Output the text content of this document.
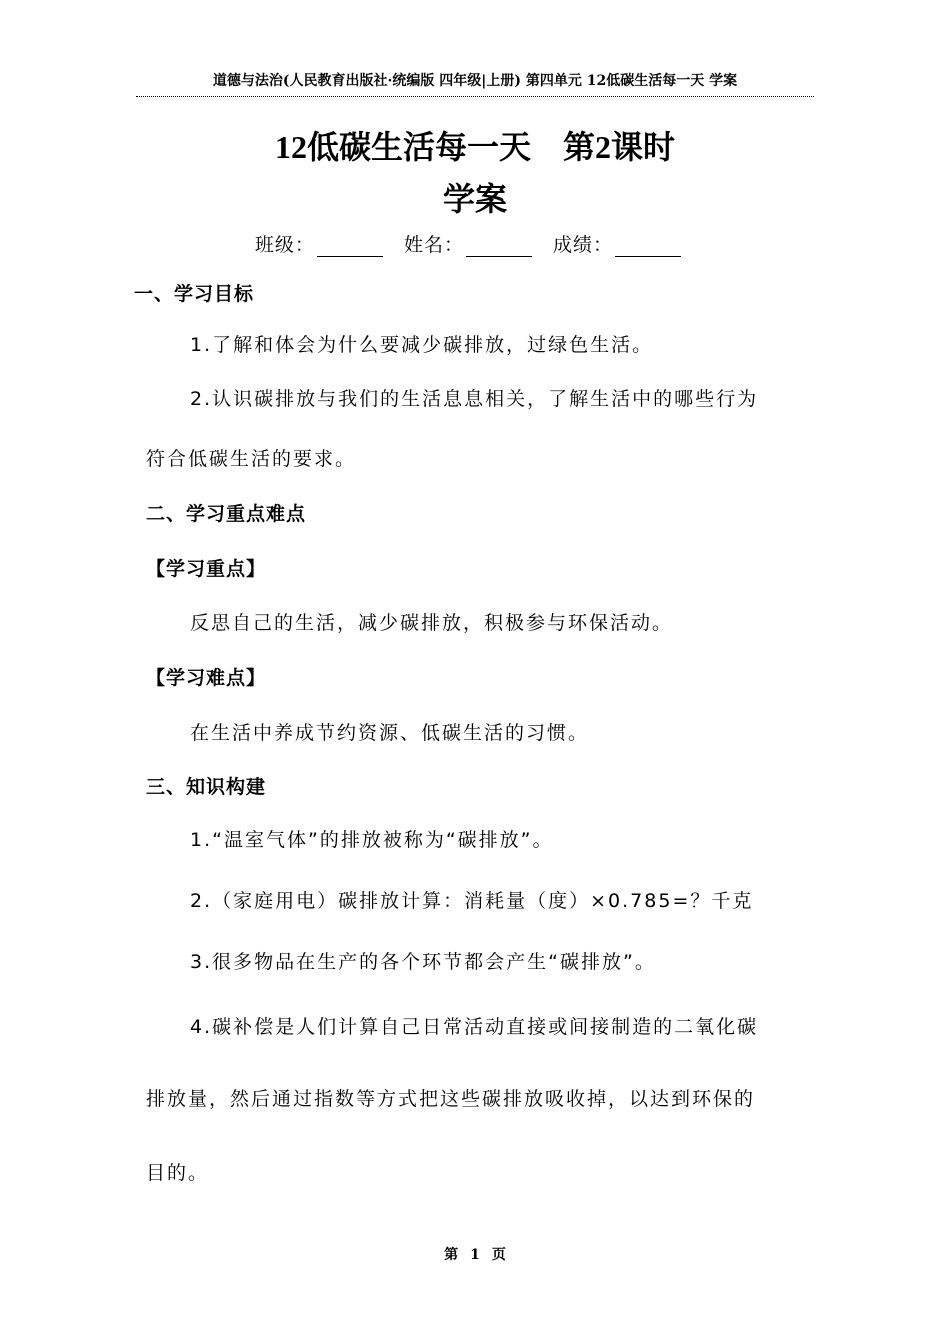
道德与法治(人民教育出版社·统编版 四年级|上册) 第四单元 12低碳生活每一天 学案
12低碳生活每一天　第2课时
学案
班级：	姓名：	成绩：
一、学习目标
1.了解和体会为什么要减少碳排放，过绿色生活。
2.认识碳排放与我们的生活息息相关，了解生活中的哪些行为
符合低碳生活的要求。
二、学习重点难点
【学习重点】
反思自己的生活，减少碳排放，积极参与环保活动。
【学习难点】
在生活中养成节约资源、低碳生活的习惯。
三、知识构建
1.“温室气体”的排放被称为“碳排放”。
2.（家庭用电）碳排放计算：消耗量（度）×0.785=？千克
3.很多物品在生产的各个环节都会产生“碳排放”。
4.碳补偿是人们计算自己日常活动直接或间接制造的二氧化碳
排放量，然后通过指数等方式把这些碳排放吸收掉，以达到环保的
目的。
第 1 页
